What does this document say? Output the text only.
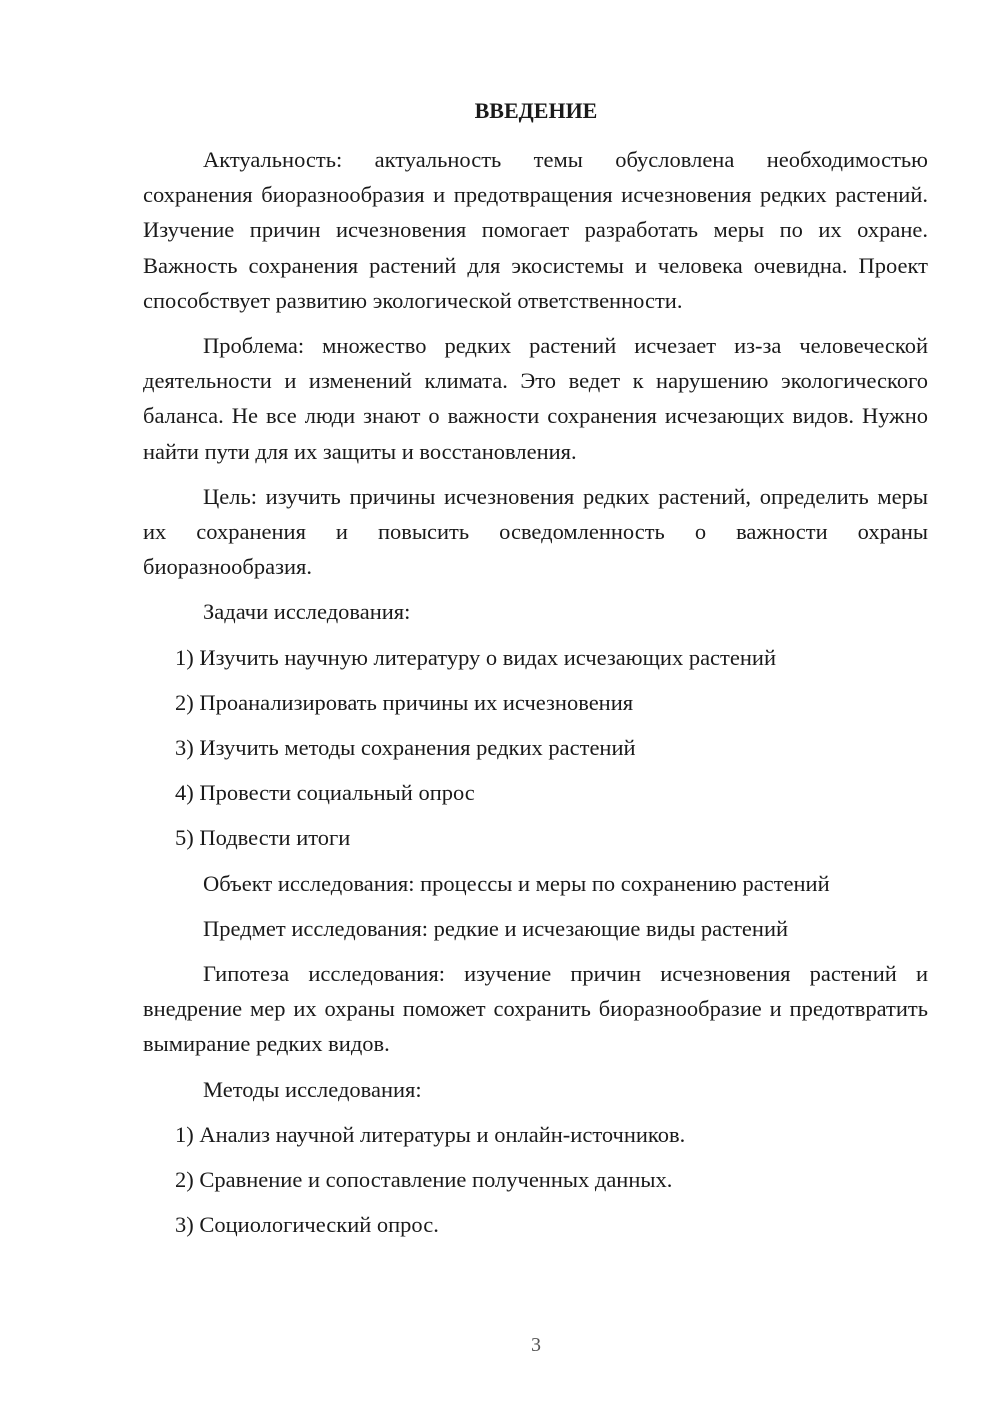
ВВЕДЕНИЕ

Актуальность: актуальность темы обусловлена необходимостью сохранения биоразнообразия и предотвращения исчезновения редких растений. Изучение причин исчезновения помогает разработать меры по их охране. Важность сохранения растений для экосистемы и человека очевидна. Проект способствует развитию экологической ответственности.

Проблема: множество редких растений исчезает из-за человеческой деятельности и изменений климата. Это ведет к нарушению экологического баланса. Не все люди знают о важности сохранения исчезающих видов. Нужно найти пути для их защиты и восстановления.

Цель: изучить причины исчезновения редких растений, определить меры их сохранения и повысить осведомленность о важности охраны биоразнообразия.

Задачи исследования:

1) Изучить научную литературу о видах исчезающих растений

2) Проанализировать причины их исчезновения

3) Изучить методы сохранения редких растений

4) Провести социальный опрос

5) Подвести итоги

Объект исследования: процессы и меры по сохранению растений

Предмет исследования: редкие и исчезающие виды растений

Гипотеза исследования: изучение причин исчезновения растений и внедрение мер их охраны поможет сохранить биоразнообразие и предотвратить вымирание редких видов.

Методы исследования:

1) Анализ научной литературы и онлайн-источников.

2) Сравнение и сопоставление полученных данных.

3) Социологический опрос.

3
